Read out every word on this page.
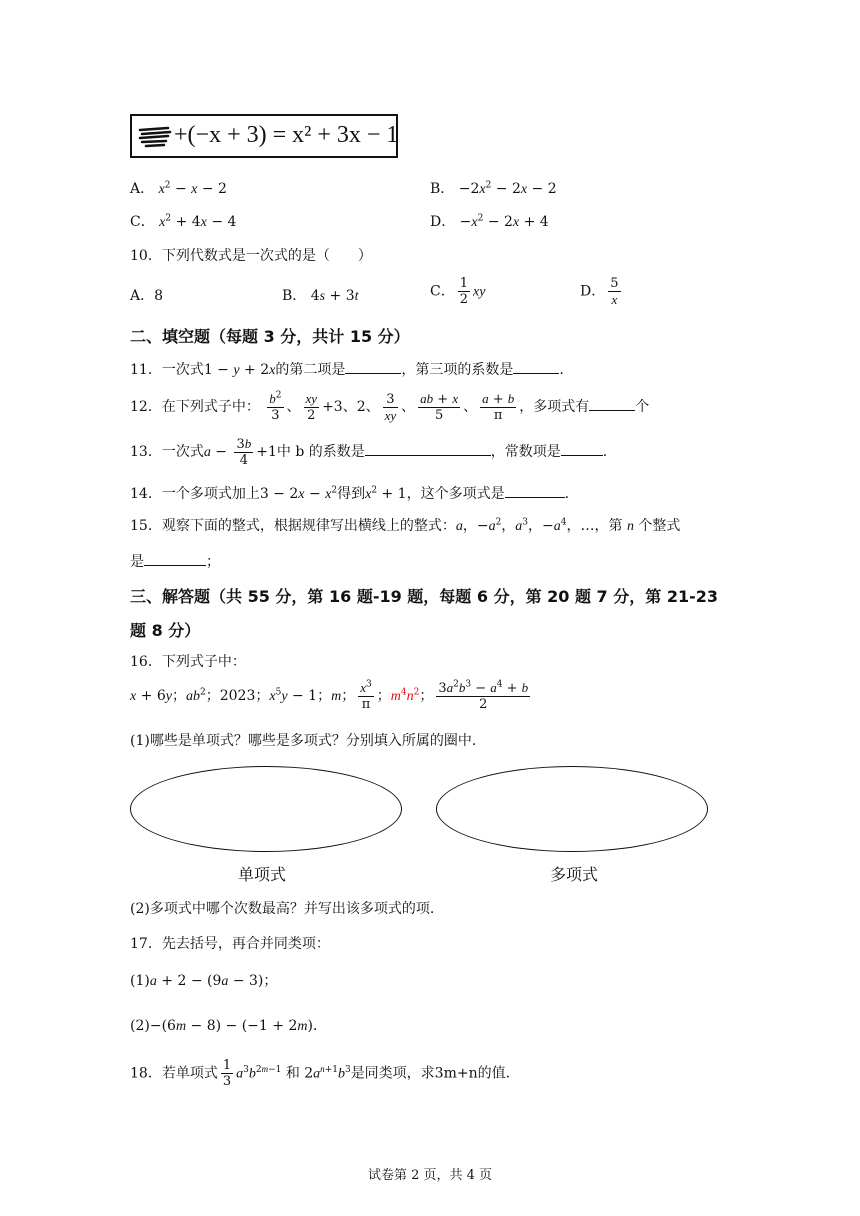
+(−x + 3) = x² + 3x − 1
A． $x^2 - x - 2$	B． $-2x^2 - 2x - 2$
C． $x^2 + 4x - 4$	D． $-x^2 - 2x + 4$
10．下列代数式是一次式的是（　　）
A．8	B． 4s + 3t	C． $\frac{1}{2}$ xy	D． $\frac{5}{x}$
二、填空题（每题 3 分，共计 15 分）
11．一次式1 − y + 2x的第二项是	，第三项的系数是	.
12．在下列式子中： $\frac{b^2}{3}$ 、 $\frac{xy}{2} +3$、2、 $\frac{3}{xy}$ 、 $\frac{ab + x}{5}$ 、 $\frac{a + b}{\pi}$ ，多项式有	个
13．一次式$a - \frac{3b}{4} +1$中 b 的系数是	，常数项是	.
14．一个多项式加上$3 - 2x - x^2$得到$x^2 + 1$，这个多项式是	.
15．观察下面的整式，根据规律写出横线上的整式：a，$-a^2$，$a^3$，$-a^4$，…，第 n 个整式
是	；
三、解答题（共 55 分，第 16 题-19 题，每题 6 分，第 20 题 7 分，第 21-23
题 8 分）
16．下列式子中：
x + 6y；$ab^2$；2023；$x^5y - 1$；m； $\frac{x^3}{\pi}$ ；$m^4n^2$； $\frac{3a^2b^3 - a^4 + b}{2}$
(1)哪些是单项式？哪些是多项式？分别填入所属的圈中.
单项式	多项式
(2)多项式中哪个次数最高？并写出该多项式的项.
17．先去括号，再合并同类项：
(1)a + 2 − (9a − 3)；
(2)−(6m − 8) − (−1 + 2m)．
18．若单项式 $\frac{1}{3} a^3b^{2m-1}$ 和 $2a^{n+1}b^3$是同类项，求3m+n的值.
试卷第 2 页，共 4 页
